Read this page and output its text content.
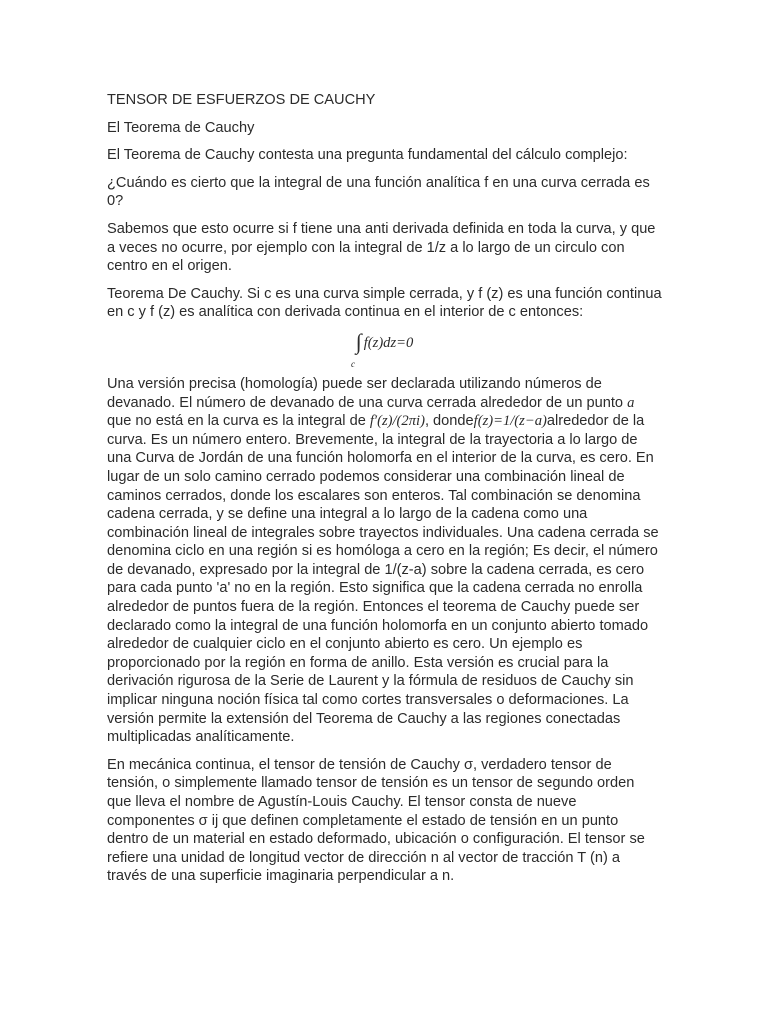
TENSOR DE ESFUERZOS DE CAUCHY

El Teorema de Cauchy

El Teorema de Cauchy contesta una pregunta fundamental del cálculo complejo:

¿Cuándo es cierto que la integral de una función analítica f en una curva cerrada es 0?

Sabemos que esto ocurre si f tiene una anti derivada definida en toda la curva, y que a veces no ocurre, por ejemplo con la integral de 1/z a lo largo de un circulo con centro en el origen.

Teorema De Cauchy. Si c es una curva simple cerrada, y f (z) es una función continua en c y f (z) es analítica con derivada continua en el interior de c entonces:

∫ f(z)dz=0
c

Una versión precisa (homología) puede ser declarada utilizando números de devanado. El número de devanado de una curva cerrada alrededor de un punto a que no está en la curva es la integral de f′(z)/(2πi), dondef(z)=1/(z−a)alrededor de la curva. Es un número entero. Brevemente, la integral de la trayectoria a lo largo de una Curva de Jordán de una función holomorfa en el interior de la curva, es cero. En lugar de un solo camino cerrado podemos considerar una combinación lineal de caminos cerrados, donde los escalares son enteros. Tal combinación se denomina cadena cerrada, y se define una integral a lo largo de la cadena como una combinación lineal de integrales sobre trayectos individuales. Una cadena cerrada se denomina ciclo en una región si es homóloga a cero en la región; Es decir, el número de devanado, expresado por la integral de 1/(z-a) sobre la cadena cerrada, es cero para cada punto 'a' no en la región. Esto significa que la cadena cerrada no enrolla alrededor de puntos fuera de la región. Entonces el teorema de Cauchy puede ser declarado como la integral de una función holomorfa en un conjunto abierto tomado alrededor de cualquier ciclo en el conjunto abierto es cero. Un ejemplo es proporcionado por la región en forma de anillo. Esta versión es crucial para la derivación rigurosa de la Serie de Laurent y la fórmula de residuos de Cauchy sin implicar ninguna noción física tal como cortes transversales o deformaciones. La versión permite la extensión del Teorema de Cauchy a las regiones conectadas multiplicadas analíticamente.

En mecánica continua, el tensor de tensión de Cauchy σ, verdadero tensor de tensión, o simplemente llamado tensor de tensión es un tensor de segundo orden que lleva el nombre de Agustín-Louis Cauchy. El tensor consta de nueve componentes σ ij que definen completamente el estado de tensión en un punto dentro de un material en estado deformado, ubicación o configuración. El tensor se refiere una unidad de longitud vector de dirección n al vector de tracción T (n) a través de una superficie imaginaria perpendicular a n.
